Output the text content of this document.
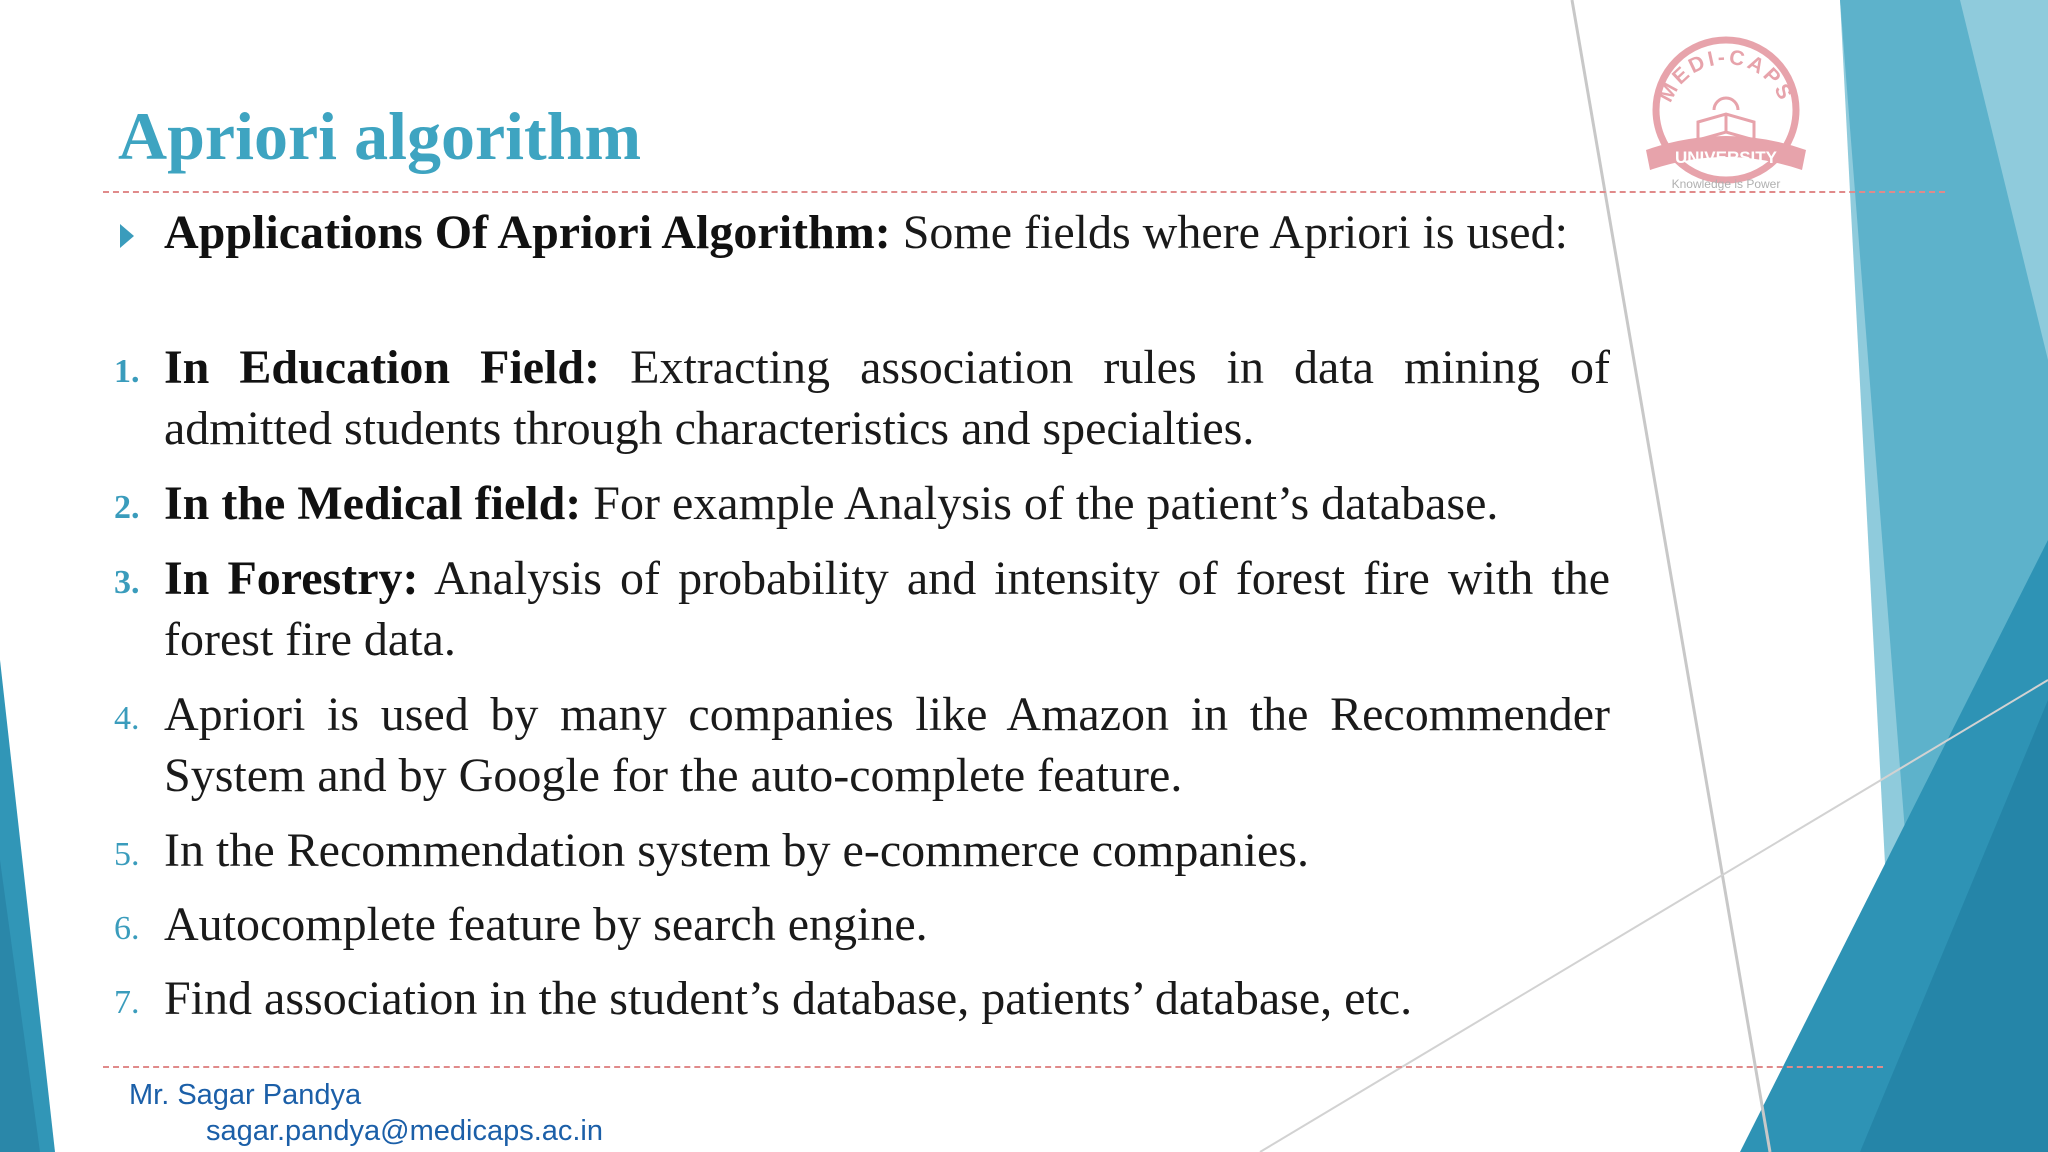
Apriori algorithm
MEDI-CAPS
UNIVERSITY
Knowledge is Power
Applications Of Apriori Algorithm: Some fields where Apriori is used:
1. In Education Field: Extracting association rules in data mining of admitted students through characteristics and specialties.
2. In the Medical field: For example Analysis of the patient’s database.
3. In Forestry: Analysis of probability and intensity of forest fire with the forest fire data.
4. Apriori is used by many companies like Amazon in the Recommender System and by Google for the auto-complete feature.
5. In the Recommendation system by e-commerce companies.
6. Autocomplete feature by search engine.
7. Find association in the student’s database, patients’ database, etc.
Mr. Sagar Pandya
sagar.pandya@medicaps.ac.in
